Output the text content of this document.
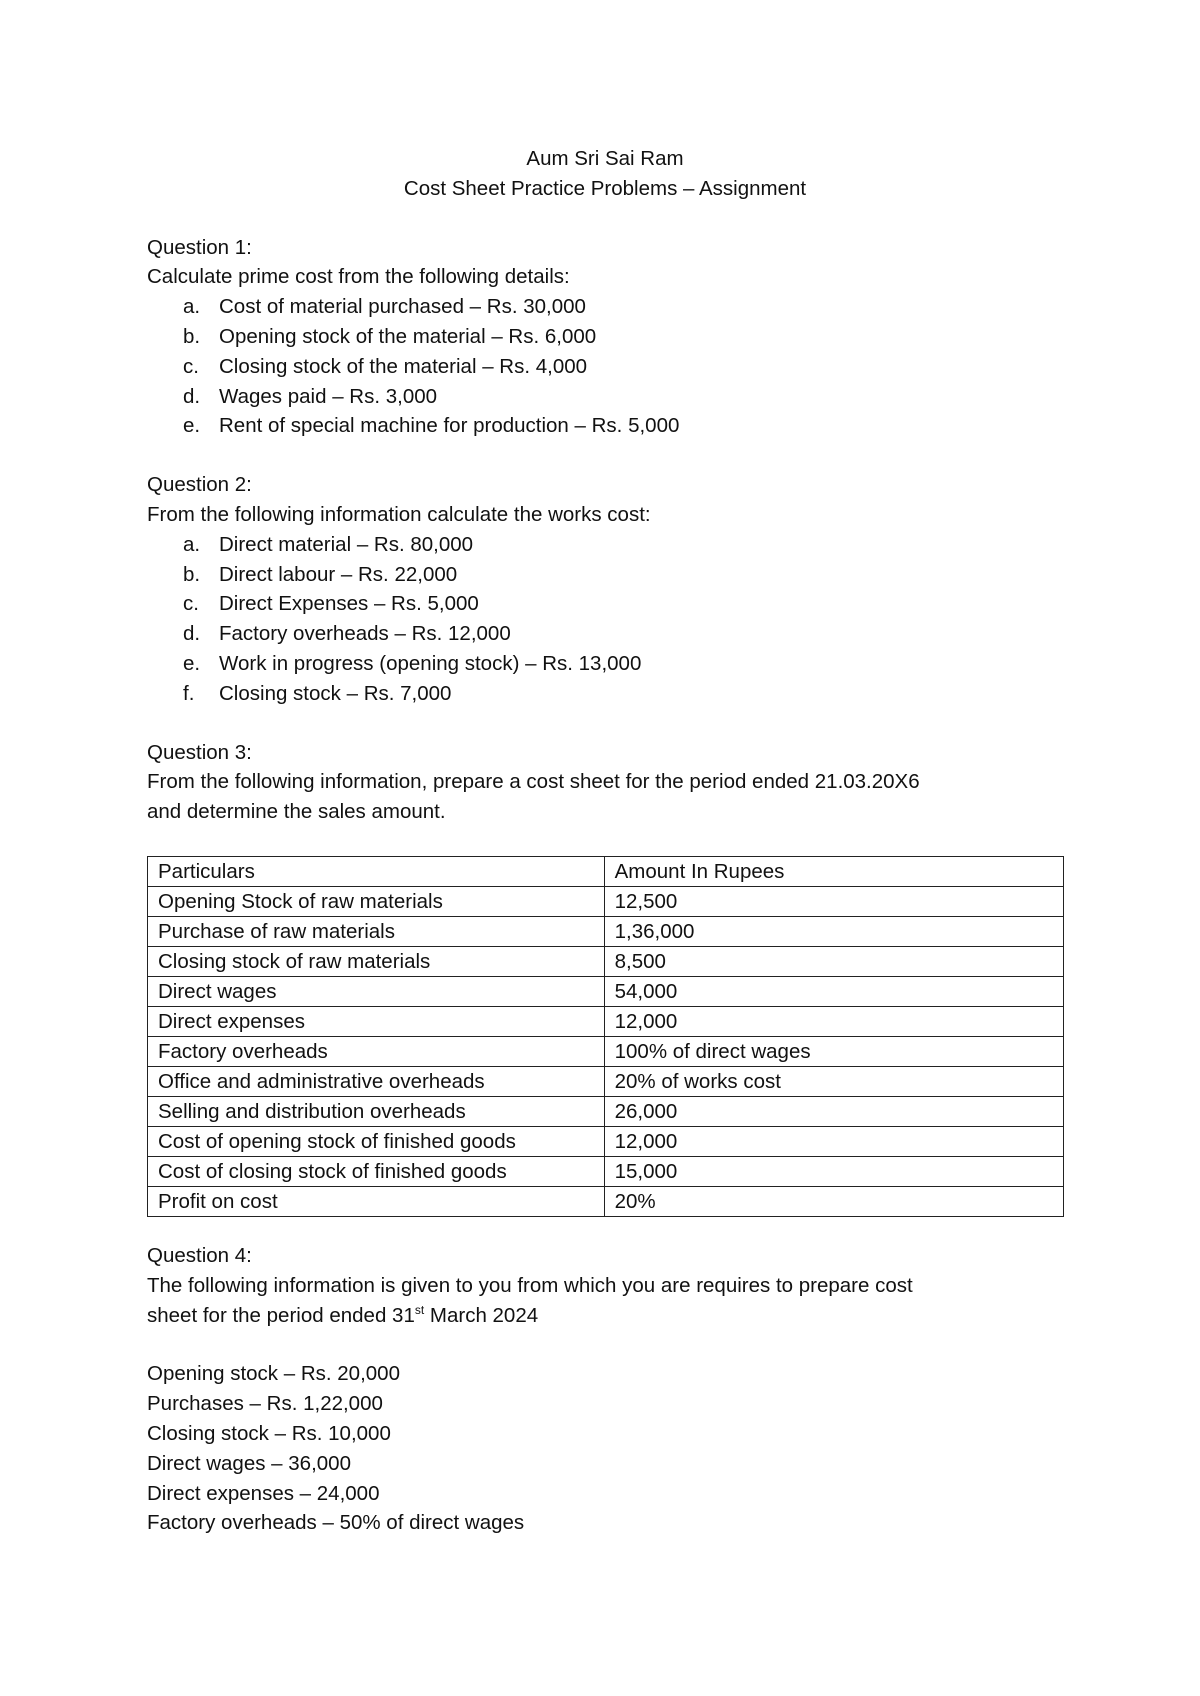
Aum Sri Sai Ram
Cost Sheet Practice Problems – Assignment
Question 1:
Calculate prime cost from the following details:
a. Cost of material purchased – Rs. 30,000
b. Opening stock of the material – Rs. 6,000
c. Closing stock of the material – Rs. 4,000
d. Wages paid – Rs. 3,000
e. Rent of special machine for production – Rs. 5,000
Question 2:
From the following information calculate the works cost:
a. Direct material – Rs. 80,000
b. Direct labour – Rs. 22,000
c. Direct Expenses – Rs. 5,000
d. Factory overheads – Rs. 12,000
e. Work in progress (opening stock) – Rs. 13,000
f. Closing stock – Rs. 7,000
Question 3:
From the following information, prepare a cost sheet for the period ended 21.03.20X6
and determine the sales amount.
Particulars	Amount In Rupees
Opening Stock of raw materials	12,500
Purchase of raw materials	1,36,000
Closing stock of raw materials	8,500
Direct wages	54,000
Direct expenses	12,000
Factory overheads	100% of direct wages
Office and administrative overheads	20% of works cost
Selling and distribution overheads	26,000
Cost of opening stock of finished goods	12,000
Cost of closing stock of finished goods	15,000
Profit on cost	20%
Question 4:
The following information is given to you from which you are requires to prepare cost
sheet for the period ended 31st March 2024
Opening stock – Rs. 20,000
Purchases – Rs. 1,22,000
Closing stock – Rs. 10,000
Direct wages – 36,000
Direct expenses – 24,000
Factory overheads – 50% of direct wages
